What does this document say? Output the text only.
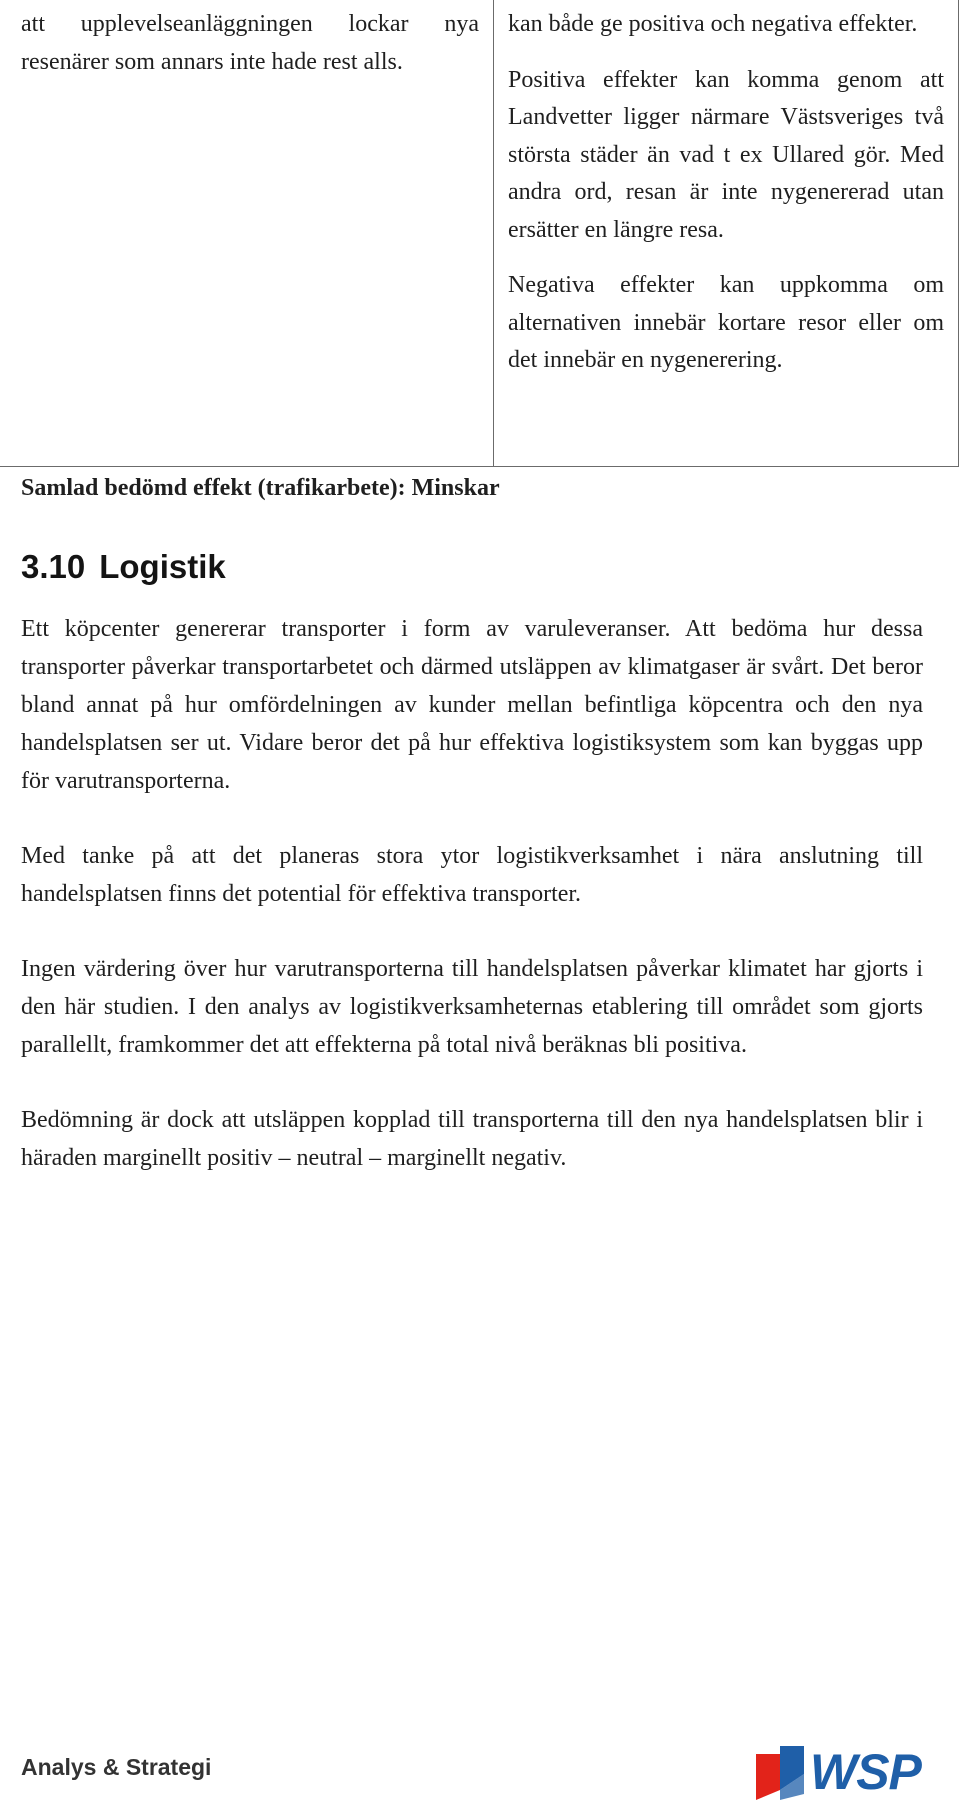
att upplevelseanläggningen lockar nya resenärer som annars inte hade rest alls.

kan både ge positiva och negativa effekter.

Positiva effekter kan komma genom att Landvetter ligger närmare Västsveriges två största städer än vad t ex Ullared gör. Med andra ord, resan är inte nygenererad utan ersätter en längre resa.

Negativa effekter kan uppkomma om alternativen innebär kortare resor eller om det innebär en nygenerering.

Samlad bedömd effekt (trafikarbete): Minskar
3.10 Logistik

Ett köpcenter genererar transporter i form av varuleveranser. Att bedöma hur dessa transporter påverkar transportarbetet och därmed utsläppen av klimatgaser är svårt. Det beror bland annat på hur omfördelningen av kunder mellan befintliga köpcentra och den nya handelsplatsen ser ut. Vidare beror det på hur effektiva logistiksystem som kan byggas upp för varutransporterna.

Med tanke på att det planeras stora ytor logistikverksamhet i nära anslutning till handelsplatsen finns det potential för effektiva transporter.

Ingen värdering över hur varutransporterna till handelsplatsen påverkar klimatet har gjorts i den här studien. I den analys av logistikverksamheternas etablering till området som gjorts parallellt, framkommer det att effekterna på total nivå beräknas bli positiva.

Bedömning är dock att utsläppen kopplad till transporterna till den nya handelsplatsen blir i häraden marginellt positiv – neutral – marginellt negativ.

Analys & Strategi	WSP
